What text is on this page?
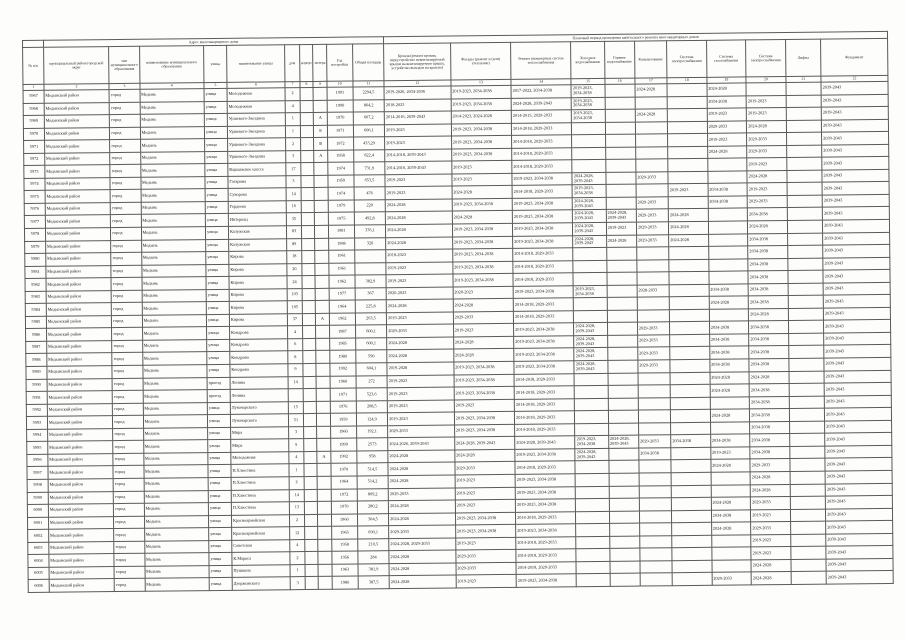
	Адрес многоквартирного дома										Плановый период проведения капитального ремонта многоквартирных домов										
№ п/п	муниципальный район/городской округ	тип муниципального образования	наименование муниципального образования	улица	наименование улицы	дом	корпус	литера	Год постройки	Общая площадь	Кровля (ремонт кровли, переустройство невентилируемой крыши на вентилируемую крышу, устройство выходов на кровлю)	Фасады (ремонт и (или) утепление)	Ремонт инженерных систем теплоснабжения	Холодное водоснабжение	Горячее водоснабжение	Канализование	Система электроснабжения	Система газоснабжения	Система электроснабжения	Лифты	Фундамент
1	2	3	4	5	6	7	8	9	10	11	12	13	14	15	16	17	18	19	20	21	22
5967	Медынский район	город	Медынь	улица	Молодежная	2			1991	2294,5	2019-2020, 2034-2036	2019-2023, 2034-2038	2017-2022, 2034-2038	2019-2023, 2034-2038		2024-2028		2024-2028			2039-2043
5968	Медынский район	город	Медынь	улица	Молодежная	4			1990	864,2	2018-2023	2019-2023, 2034-2038	2024-2028, 2039-2043	2019-2023, 2034-2038				2034-2038	2019-2023		2039-2043
5969	Медынский район	город	Медынь	улица	Уршевого-Звездина	1		А	1970	607,2	2014-2016, 2039-2043	2014-2023, 2024-2028	2014-2015, 2029-2033	2019-2023, 2034-2038		2024-2028		2019-2023	2019-2023		2039-2043
5970	Медынский район	город	Медынь	улица	Уршевого-Звездина	1		Б	1971	606,1	2019-2023	2019-2023, 2034-2038	2014-2018, 2029-2033					2029-2033	2024-2028		2039-2043
5971	Медынский район	город	Медынь	улица	Уршевого-Звездина	2		В	1972	433,29	2019-2023	2019-2023, 2034-2038	2014-2018, 2029-2033					2019-2023	2029-2033		2039-2043
5972	Медынский район	город	Медынь	улица	Уршевого-Звездина	3		А	1958	822,4	2014-2018, 2039-2043	2019-2023, 2034-2038	2014-2018, 2029-2033					2024-2028	2029-2033		2039-2043
5973	Медынский район	город	Медынь	улица	Варшавское шоссе	17			1974	731,9	2014-2016, 2039-2043	2019-2023	2014-2018, 2029-2033						2019-2023		2039-2043
5974	Медынский район	город	Медынь	улица	Гагарина	3			1959	653,5	2019-2023	2019-2023	2019-2023, 2034-2038	2024-2028, 2039-2043		2029-2033			2024-2028		2039-2043
5975	Медынский район	город	Медынь	улица	Суворова	14			1974	476	2019-2023	2024-2028	2014-2018, 2029-2033	2019-2023, 2034-2038			2019-2023	2034-2038	2019-2023		2039-2043
5976	Медынский район	город	Медынь	улица	Гордеева	16			1979	220	2024-2028	2019-2023, 2034-2038	2019-2023, 2034-2038	2024-2028, 2039-2043		2029-2033		2034-2038	2029-2033		2039-2043
5977	Медынский район	город	Медынь	улица	Интернац	35			1975	492,8	2024-2028	2024-2028	2019-2023, 2034-2038	2024-2028, 2039-2043	2024-2028, 2039-2043	2029-2033	2024-2028		2034-2038		2039-2043
5978	Медынский район	город	Медынь	улица	Калужская	83			1981	376,1	2024-2028	2019-2023, 2034-2038	2019-2023, 2034-2038	2024-2028, 2039-2043	2019-2023	2029-2033	2024-2028		2024-2028		2039-2043
5979	Медынский район	город	Медынь	улица	Калужская	89			1986	320	2024-2028	2019-2023, 2034-2038	2019-2023, 2034-2038	2024-2028, 2039-2043	2024-2028	2029-2033	2024-2028		2034-2038		2039-2043
5980	Медынский район	город	Медынь	улица	Кирова	18			1961		2018-2023	2019-2023, 2034-2038	2014-2018, 2029-2033						2034-2038		2039-2043
5981	Медынский район	город	Медынь	улица	Кирова	20			1961		2019-2023	2019-2023, 2034-2038	2014-2018, 2029-2033						2034-2038		2039-2043
5982	Медынский район	город	Медынь	улица	Кирова	24			1962	382,9	2019-2023	2019-2023, 2034-2038	2014-2018, 2029-2033						2034-2038		2039-2043
5983	Медынский район	город	Медынь	улица	Кирова	103			1977	367	2020-2023	2020-2023	2019-2023, 2034-2038	2019-2023, 2034-2038		2028-2033		2034-2038	2034-2038		2039-2043
5984	Медынский район	город	Медынь	улица	Кирова	105			1964	225,8	2024-2028	2024-2028	2014-2018, 2029-2033					2024-2028	2034-2038		2039-2043
5985	Медынский район	город	Медынь	улица	Кирова	37		А	1962	263,5	2019-2023	2029-2033	2014-2018, 2029-2033						2024-2028		2039-2043
5986	Медынский район	город	Медынь	улица	Кондрова	4			1987	600,1	2029-2033	2019-2023	2019-2023, 2034-2038	2024-2028, 2039-2043		2029-2033		2034-2038	2034-2038		2039-2043
5987	Медынский район	город	Медынь	улица	Кондрова	6			1985	600,1	2024-2028	2024-2028	2019-2023, 2034-2038	2024-2028, 2039-2043		2029-2033		2034-2038	2034-2038		2039-2043
5988	Медынский район	город	Медынь	улица	Кондрова	8			1980	590	2024-2028	2024-2028	2019-2023, 2034-2038	2024-2028, 2039-2043		2029-2033		2034-2038	2034-2038		2039-2043
5989	Медынский район	город	Медынь	улица	Кондрова	9			1992	604,1	2019-2028	2019-2023, 2034-2038	2019-2023, 2034-2038	2024-2028, 2039-2043		2029-2033		2034-2038	2034-2038		2039-2043
5990	Медынский район	город	Медынь	проезд	Ленина	14			1960	272	2019-2023	2019-2023, 2034-2038	2014-2018, 2029-2033					2024-2028	2024-2028		2039-2043
5991	Медынский район	город	Медынь	проезд	Ленина				1971	523,6	2019-2023	2019-2023, 2034-2038	2014-2018, 2029-2033					2024-2028	2034-2038		2039-2043
5992	Медынский район	город	Медынь	улица	Луначарского	15			1976	208,5	2019-2023	2019-2023	2014-2018, 2029-2033						2034-2038		2039-2043
5993	Медынский район	город	Медынь	улица	Луначарского	51			1959	124,9	2019-2023	2019-2023, 2034-2038	2014-2018, 2029-2033					2024-2028	2034-2038		2039-2043
5994	Медынский район	город	Медынь	улица	Мира	3			1960	192,1	2029-2033	2019-2023, 2034-2038	2014-2018, 2029-2033						2034-2038		2039-2043
5995	Медынский район	город	Медынь	улица	Мира	9			1999	2573	2024-2026, 2039-2043	2024-2028, 2039-2043	2024-2028, 2039-2043	2019-2023, 2034-2038	2024-2028, 2039-2043	2029-2033	2034-2038	2034-2038	2034-2038		2039-2043
5996	Медынский район	город	Медынь	улица	Молодежная	4		А	1992	958	2024-2028	2024-2028	2019-2023, 2034-2038	2024-2028, 2039-2043		2034-2038		2019-2023	2034-2038		2039-2043
5997	Медынский район	город	Медынь	улица	П.Хлюстина	1			1970	514,5	2024-2028	2029-2033	2014-2018, 2029-2033					2024-2028	2029-2033		2039-2043
5998	Медынский район	город	Медынь	улица	П.Хлюстина	2			1964	514,2	2024-2028	2019-2023	2019-2023, 2034-2038						2024-2028		2039-2043
5999	Медынский район	город	Медынь	улица	П.Хлюстина	14			1972	809,2	2029-2033	2019-2023	2019-2023, 2034-2038						2024-2028		2039-2043
6000	Медынский район	город	Медынь	улица	П.Хлюстина	13			1970	280,2	2024-2028	2019-2023	2019-2023, 2034-2038					2024-2028	2029-2033		2039-2043
6001	Медынский район	город	Медынь	улица	Красноармейская	2			1960	304,5	2024-2028	2019-2023, 2034-2038	2014-2018, 2029-2033					2034-2038	2019-2023		2039-2043
6002	Медынский район	город	Медынь	улица	Красноармейская	12			1965	699,1	2029-2033	2019-2023, 2034-2038	2019-2023, 2034-2038					2024-2028	2029-2033		2039-2043
6003	Медынский район	город	Медынь	улица	Советская	4			1958	210,5	2024-2028, 2029-2033	2019-2023	2014-2018, 2029-2033						2019-2023		2039-2043
6004	Медынский район	город	Медынь	улица	К.Маркса	2			1956	284	2024-2028	2029-2033	2014-2018, 2029-2033						2019-2023		2039-2043
6005	Медынский район	город	Медынь	улица	Пушкина	1			1963	381,9	2024-2028	2029-2033	2014-2018, 2029-2033						2024-2028		2039-2043
6006	Медынский район	город	Медынь	улица	Дзержинского	3			1986	387,5	2024-2028	2019-2023	2019-2023, 2034-2038					2029-2033	2024-2028		2039-2043
